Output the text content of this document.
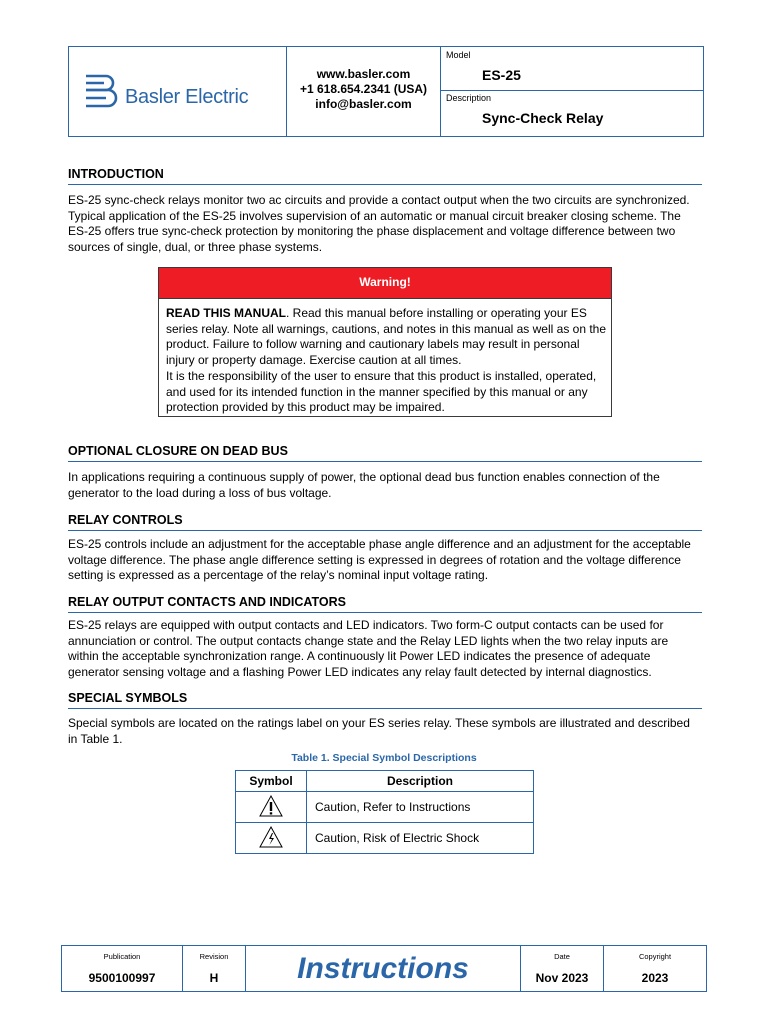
Basler Electric
www.basler.com
+1 618.654.2341 (USA)
info@basler.com
Model
ES-25
Description
Sync-Check Relay
INTRODUCTION
ES-25 sync-check relays monitor two ac circuits and provide a contact output when the two circuits are synchronized. Typical application of the ES-25 involves supervision of an automatic or manual circuit breaker closing scheme. The ES-25 offers true sync-check protection by monitoring the phase displacement and voltage difference between two sources of single, dual, or three phase systems.
Warning!
READ THIS MANUAL. Read this manual before installing or operating your ES series relay. Note all warnings, cautions, and notes in this manual as well as on the product. Failure to follow warning and cautionary labels may result in personal injury or property damage. Exercise caution at all times.
It is the responsibility of the user to ensure that this product is installed, operated, and used for its intended function in the manner specified by this manual or any protection provided by this product may be impaired.
OPTIONAL CLOSURE ON DEAD BUS
In applications requiring a continuous supply of power, the optional dead bus function enables connection of the generator to the load during a loss of bus voltage.
RELAY CONTROLS
ES-25 controls include an adjustment for the acceptable phase angle difference and an adjustment for the acceptable voltage difference. The phase angle difference setting is expressed in degrees of rotation and the voltage difference setting is expressed as a percentage of the relay’s nominal input voltage rating.
RELAY OUTPUT CONTACTS AND INDICATORS
ES-25 relays are equipped with output contacts and LED indicators. Two form-C output contacts can be used for annunciation or control. The output contacts change state and the Relay LED lights when the two relay inputs are within the acceptable synchronization range. A continuously lit Power LED indicates the presence of adequate generator sensing voltage and a flashing Power LED indicates any relay fault detected by internal diagnostics.
SPECIAL SYMBOLS
Special symbols are located on the ratings label on your ES series relay. These symbols are illustrated and described in Table 1.
Table 1. Special Symbol Descriptions
Symbol	Description
	Caution, Refer to Instructions
	Caution, Risk of Electric Shock
Publication
9500100997
Revision
H	Instructions	Date
Nov 2023
Copyright
2023
